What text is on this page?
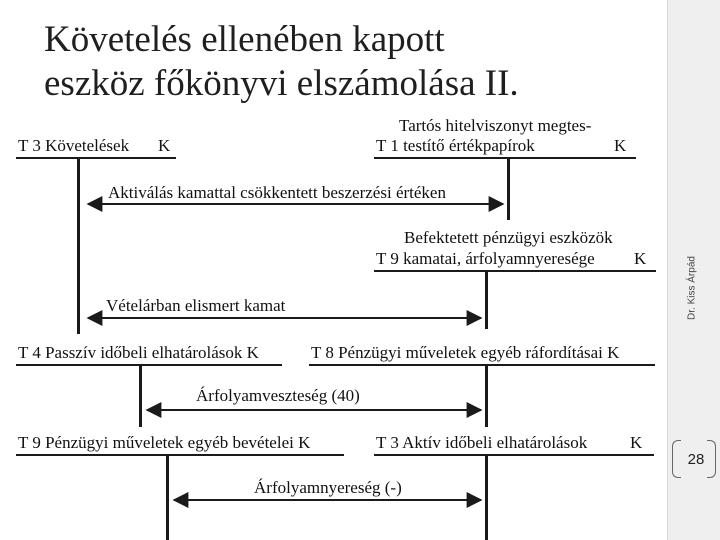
Dr. Kiss Árpád
28
Követelés ellenében kapott
eszköz főkönyvi elszámolása II.
T 3 Követelések K
Tartós hitelviszonyt megtes-
T 1 testítő értékpapírok	K
Aktiválás kamattal csökkentett beszerzési értéken
Befektetett pénzügyi eszközök
T 9 kamatai, árfolyamnyeresége K
Vételárban elismert kamat
T 4 Passzív időbeli elhatárolások K	T 8 Pénzügyi műveletek egyéb ráfordításai K
Árfolyamveszteség (40)
T 9 Pénzügyi műveletek egyéb bevételei K	T 3 Aktív időbeli elhatárolások	K
Árfolyamnyereség (-)
